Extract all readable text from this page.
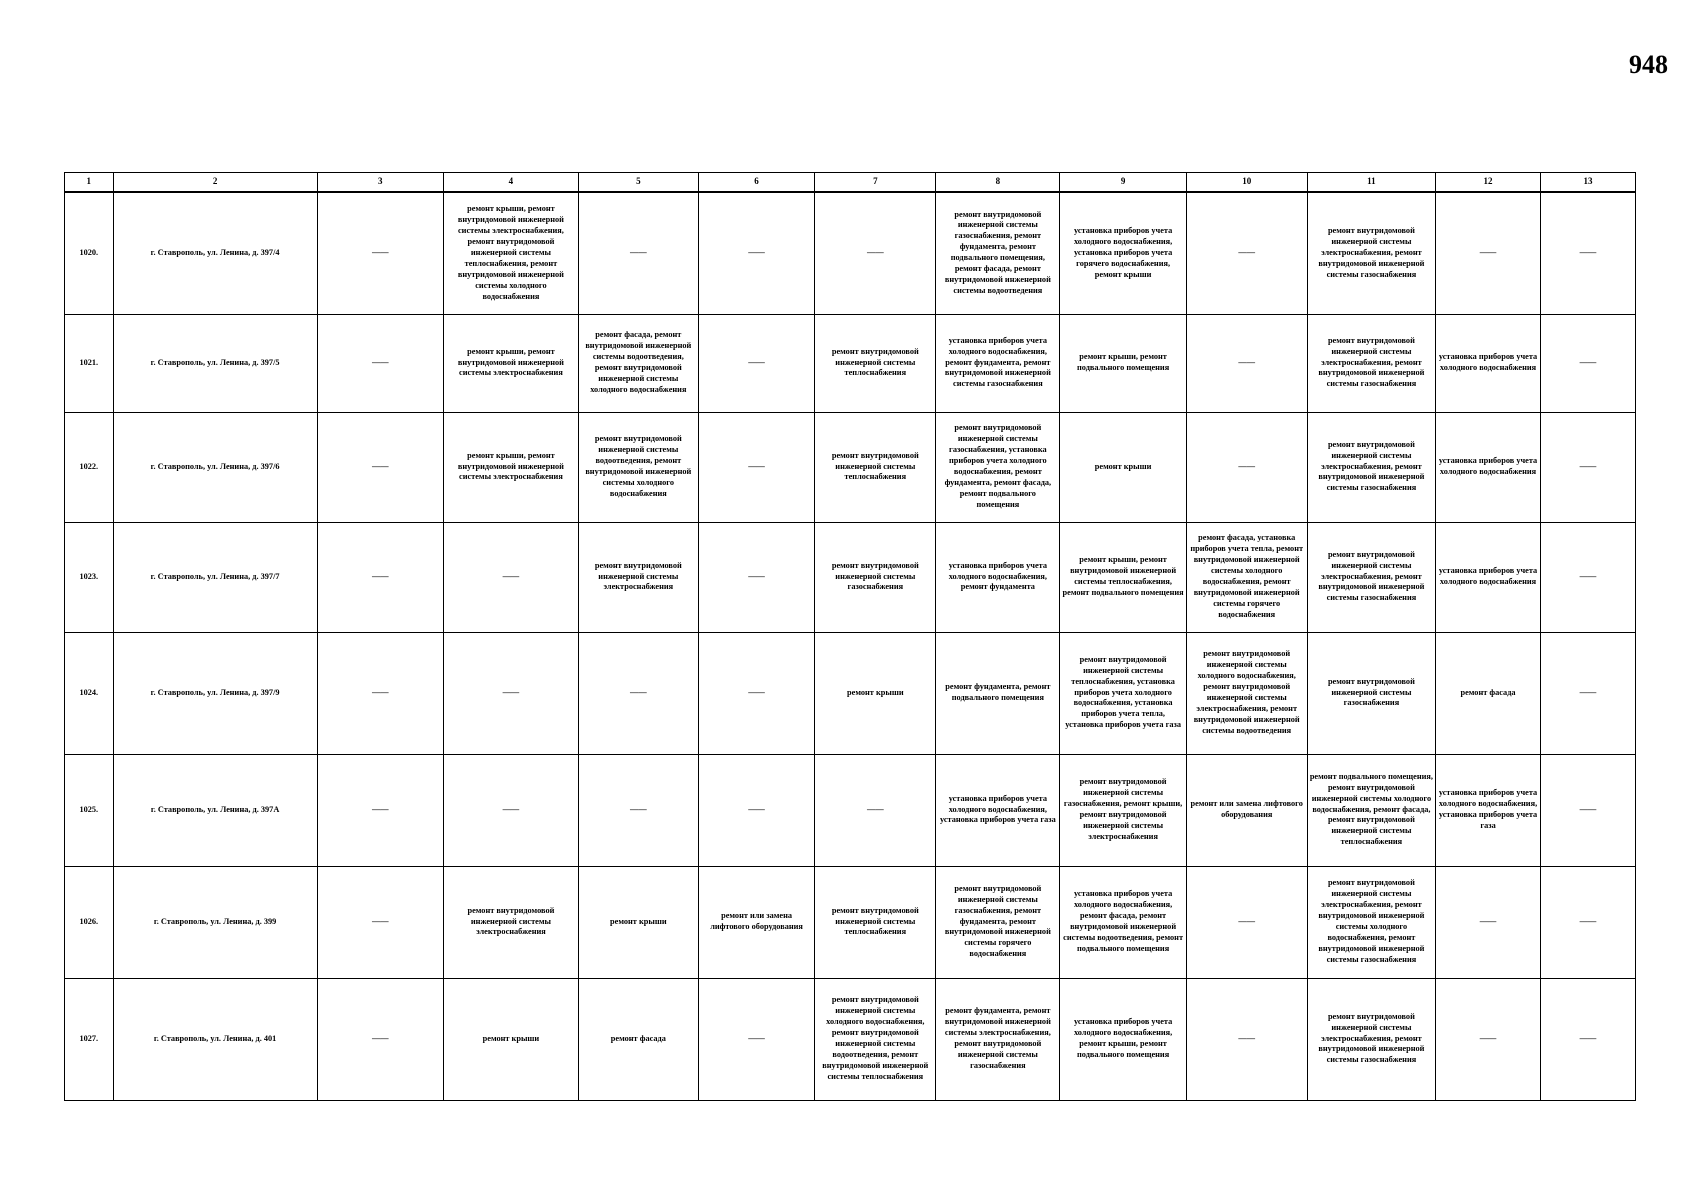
948
1	2	3	4	5	6	7	8	9	10	11	12	13
1020.	г. Ставрополь, ул. Ленина, д. 397/4	——	ремонт крыши, ремонт внутридомовой инженерной системы электроснабжения, ремонт внутридомовой инженерной системы теплоснабжения, ремонт внутридомовой инженерной системы холодного водоснабжения	——	——	——	ремонт внутридомовой инженерной системы газоснабжения, ремонт фундамента, ремонт подвального помещения, ремонт фасада, ремонт внутридомовой инженерной системы водоотведения	установка приборов учета холодного водоснабжения, установка приборов учета горячего водоснабжения, ремонт крыши	——	ремонт внутридомовой инженерной системы электроснабжения, ремонт внутридомовой инженерной системы газоснабжения	——	——
1021.	г. Ставрополь, ул. Ленина, д. 397/5	——	ремонт крыши, ремонт внутридомовой инженерной системы электроснабжения	ремонт фасада, ремонт внутридомовой инженерной системы водоотведения, ремонт внутридомовой инженерной системы холодного водоснабжения	——	ремонт внутридомовой инженерной системы теплоснабжения	установка приборов учета холодного водоснабжения, ремонт фундамента, ремонт внутридомовой инженерной системы газоснабжения	ремонт крыши, ремонт подвального помещения	——	ремонт внутридомовой инженерной системы электроснабжения, ремонт внутридомовой инженерной системы газоснабжения	установка приборов учета холодного водоснабжения	——
1022.	г. Ставрополь, ул. Ленина, д. 397/6	——	ремонт крыши, ремонт внутридомовой инженерной системы электроснабжения	ремонт внутридомовой инженерной системы водоотведения, ремонт внутридомовой инженерной системы холодного водоснабжения	——	ремонт внутридомовой инженерной системы теплоснабжения	ремонт внутридомовой инженерной системы газоснабжения, установка приборов учета холодного водоснабжения, ремонт фундамента, ремонт фасада, ремонт подвального помещения	ремонт крыши	——	ремонт внутридомовой инженерной системы электроснабжения, ремонт внутридомовой инженерной системы газоснабжения	установка приборов учета холодного водоснабжения	——
1023.	г. Ставрополь, ул. Ленина, д. 397/7	——	——	ремонт внутридомовой инженерной системы электроснабжения	——	ремонт внутридомовой инженерной системы газоснабжения	установка приборов учета холодного водоснабжения, ремонт фундамента	ремонт крыши, ремонт внутридомовой инженерной системы теплоснабжения, ремонт подвального помещения	ремонт фасада, установка приборов учета тепла, ремонт внутридомовой инженерной системы холодного водоснабжения, ремонт внутридомовой инженерной системы горячего водоснабжения	ремонт внутридомовой инженерной системы электроснабжения, ремонт внутридомовой инженерной системы газоснабжения	установка приборов учета холодного водоснабжения	——
1024.	г. Ставрополь, ул. Ленина, д. 397/9	——	——	——	——	ремонт крыши	ремонт фундамента, ремонт подвального помещения	ремонт внутридомовой инженерной системы теплоснабжения, установка приборов учета холодного водоснабжения, установка приборов учета тепла, установка приборов учета газа	ремонт внутридомовой инженерной системы холодного водоснабжения, ремонт внутридомовой инженерной системы электроснабжения, ремонт внутридомовой инженерной системы водоотведения	ремонт внутридомовой инженерной системы газоснабжения	ремонт фасада	——
1025.	г. Ставрополь, ул. Ленина, д. 397А	——	——	——	——	——	установка приборов учета холодного водоснабжения, установка приборов учета газа	ремонт внутридомовой инженерной системы газоснабжения, ремонт крыши, ремонт внутридомовой инженерной системы электроснабжения	ремонт или замена лифтового оборудования	ремонт подвального помещения, ремонт внутридомовой инженерной системы холодного водоснабжения, ремонт фасада, ремонт внутридомовой инженерной системы теплоснабжения	установка приборов учета холодного водоснабжения, установка приборов учета газа	——
1026.	г. Ставрополь, ул. Ленина, д. 399	——	ремонт внутридомовой инженерной системы электроснабжения	ремонт крыши	ремонт или замена лифтового оборудования	ремонт внутридомовой инженерной системы теплоснабжения	ремонт внутридомовой инженерной системы газоснабжения, ремонт фундамента, ремонт внутридомовой инженерной системы горячего водоснабжения	установка приборов учета холодного водоснабжения, ремонт фасада, ремонт внутридомовой инженерной системы водоотведения, ремонт подвального помещения	——	ремонт внутридомовой инженерной системы электроснабжения, ремонт внутридомовой инженерной системы холодного водоснабжения, ремонт внутридомовой инженерной системы газоснабжения	——	——
1027.	г. Ставрополь, ул. Ленина, д. 401	——	ремонт крыши	ремонт фасада	——	ремонт внутридомовой инженерной системы холодного водоснабжения, ремонт внутридомовой инженерной системы водоотведения, ремонт внутридомовой инженерной системы теплоснабжения	ремонт фундамента, ремонт внутридомовой инженерной системы электроснабжения, ремонт внутридомовой инженерной системы газоснабжения	установка приборов учета холодного водоснабжения, ремонт крыши, ремонт подвального помещения	——	ремонт внутридомовой инженерной системы электроснабжения, ремонт внутридомовой инженерной системы газоснабжения	——	——
